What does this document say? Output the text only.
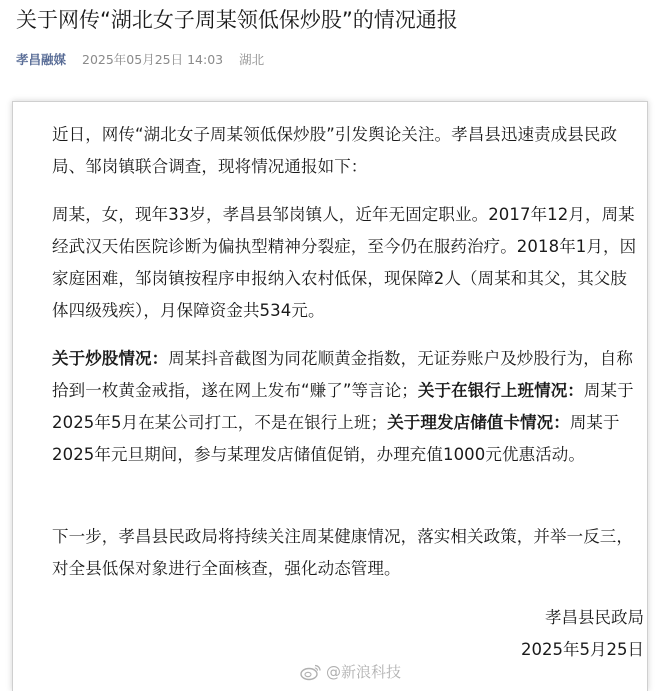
关于网传“湖北女子周某领低保炒股”的情况通报
孝昌融媒 2025年05月25日 14:03 湖北

近日，网传“湖北女子周某领低保炒股”引发舆论关注。孝昌县迅速责成县民政局、邹岗镇联合调查，现将情况通报如下：

周某，女，现年33岁，孝昌县邹岗镇人，近年无固定职业。2017年12月，周某经武汉天佑医院诊断为偏执型精神分裂症，至今仍在服药治疗。2018年1月，因家庭困难，邹岗镇按程序申报纳入农村低保，现保障2人（周某和其父，其父肢体四级残疾），月保障资金共534元。

关于炒股情况：周某抖音截图为同花顺黄金指数，无证券账户及炒股行为，自称拾到一枚黄金戒指，遂在网上发布“赚了”等言论；关于在银行上班情况：周某于2025年5月在某公司打工，不是在银行上班；关于理发店储值卡情况：周某于2025年元旦期间，参与某理发店储值促销，办理充值1000元优惠活动。

下一步，孝昌县民政局将持续关注周某健康情况，落实相关政策，并举一反三，对全县低保对象进行全面核查，强化动态管理。

孝昌县民政局
2025年5月25日
@新浪科技
